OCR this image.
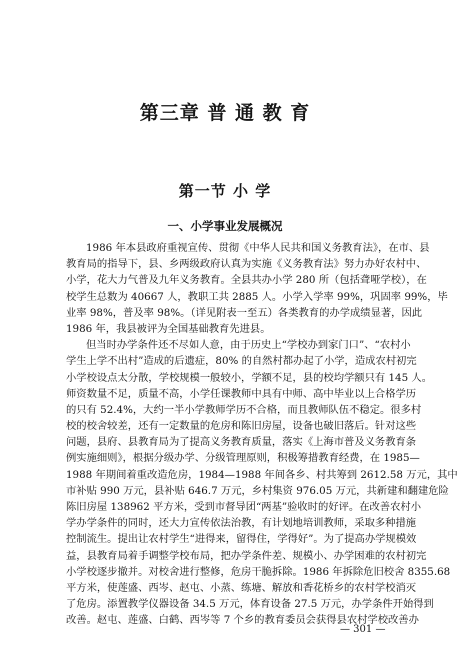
第三章 普 通 教 育
第一节 小 学
一、小学事业发展概况
1986 年本县政府重视宣传、贯彻《中华人民共和国义务教育法》，在市、县
教育局的指导下，县、乡两级政府认真为实施《义务教育法》努力办好农村中、
小学，花大力气普及九年义务教育。全县共办小学 280 所（包括聋哑学校），在
校学生总数为 40667 人，教职工共 2885 人。小学入学率 99%，巩固率 99%，毕
业率 98%，普及率 98%。（详见附表一至五）各类教育的办学成绩显著，因此
1986 年，我县被评为全国基础教育先进县。
但当时办学条件还不尽如人意，由于历史上“学校办到家门口”、“农村小
学生上学不出村”造成的后遗症，80% 的自然村都办起了小学，造成农村初完
小学校设点太分散，学校规模一般较小，学额不足，县的校均学额只有 145 人。
师资数量不足，质量不高，小学任课教师中具有中师、高中毕业以上合格学历
的只有 52.4%，大约一半小学教师学历不合格，而且教师队伍不稳定。很多村
校的校舍较差，还有一定数量的危房和陈旧房屋，设备也破旧落后。针对这些
问题，县府、县教育局为了提高义务教育质量，落实《上海市普及义务教育条
例实施细则》，根据分级办学、分级管理原则，积极筹措教育经费，在 1985—
1988 年期间着重改造危房，1984—1988 年间各乡、村共筹到 2612.58 万元，其中
市补贴 990 万元，县补贴 646.7 万元，乡村集资 976.05 万元，共新建和翻建危险
陈旧房屋 138962 平方米，受到市督导团“两基”验收时的好评。在改善农村小
学办学条件的同时，还大力宣传依法治教，有计划地培训教师，采取多种措施
控制流生。提出让农村学生“进得来，留得住，学得好”。为了提高办学规模效
益，县教育局着手调整学校布局，把办学条件差、规模小、办学困难的农村初完
小学校逐步撤并。对校舍进行整修，危房干脆拆除。1986 年拆除危旧校舍 8355.68
平方米，使莲盛、西岑、赵屯、小蒸、练塘、解放和香花桥乡的农村学校消灭
了危房。添置教学仪器设备 34.5 万元，体育设备 27.5 万元，办学条件开始得到
改善。赵屯、莲盛、白鹤、西岑等 7 个乡的教育委员会获得县农村学校改善办
— 301 —
